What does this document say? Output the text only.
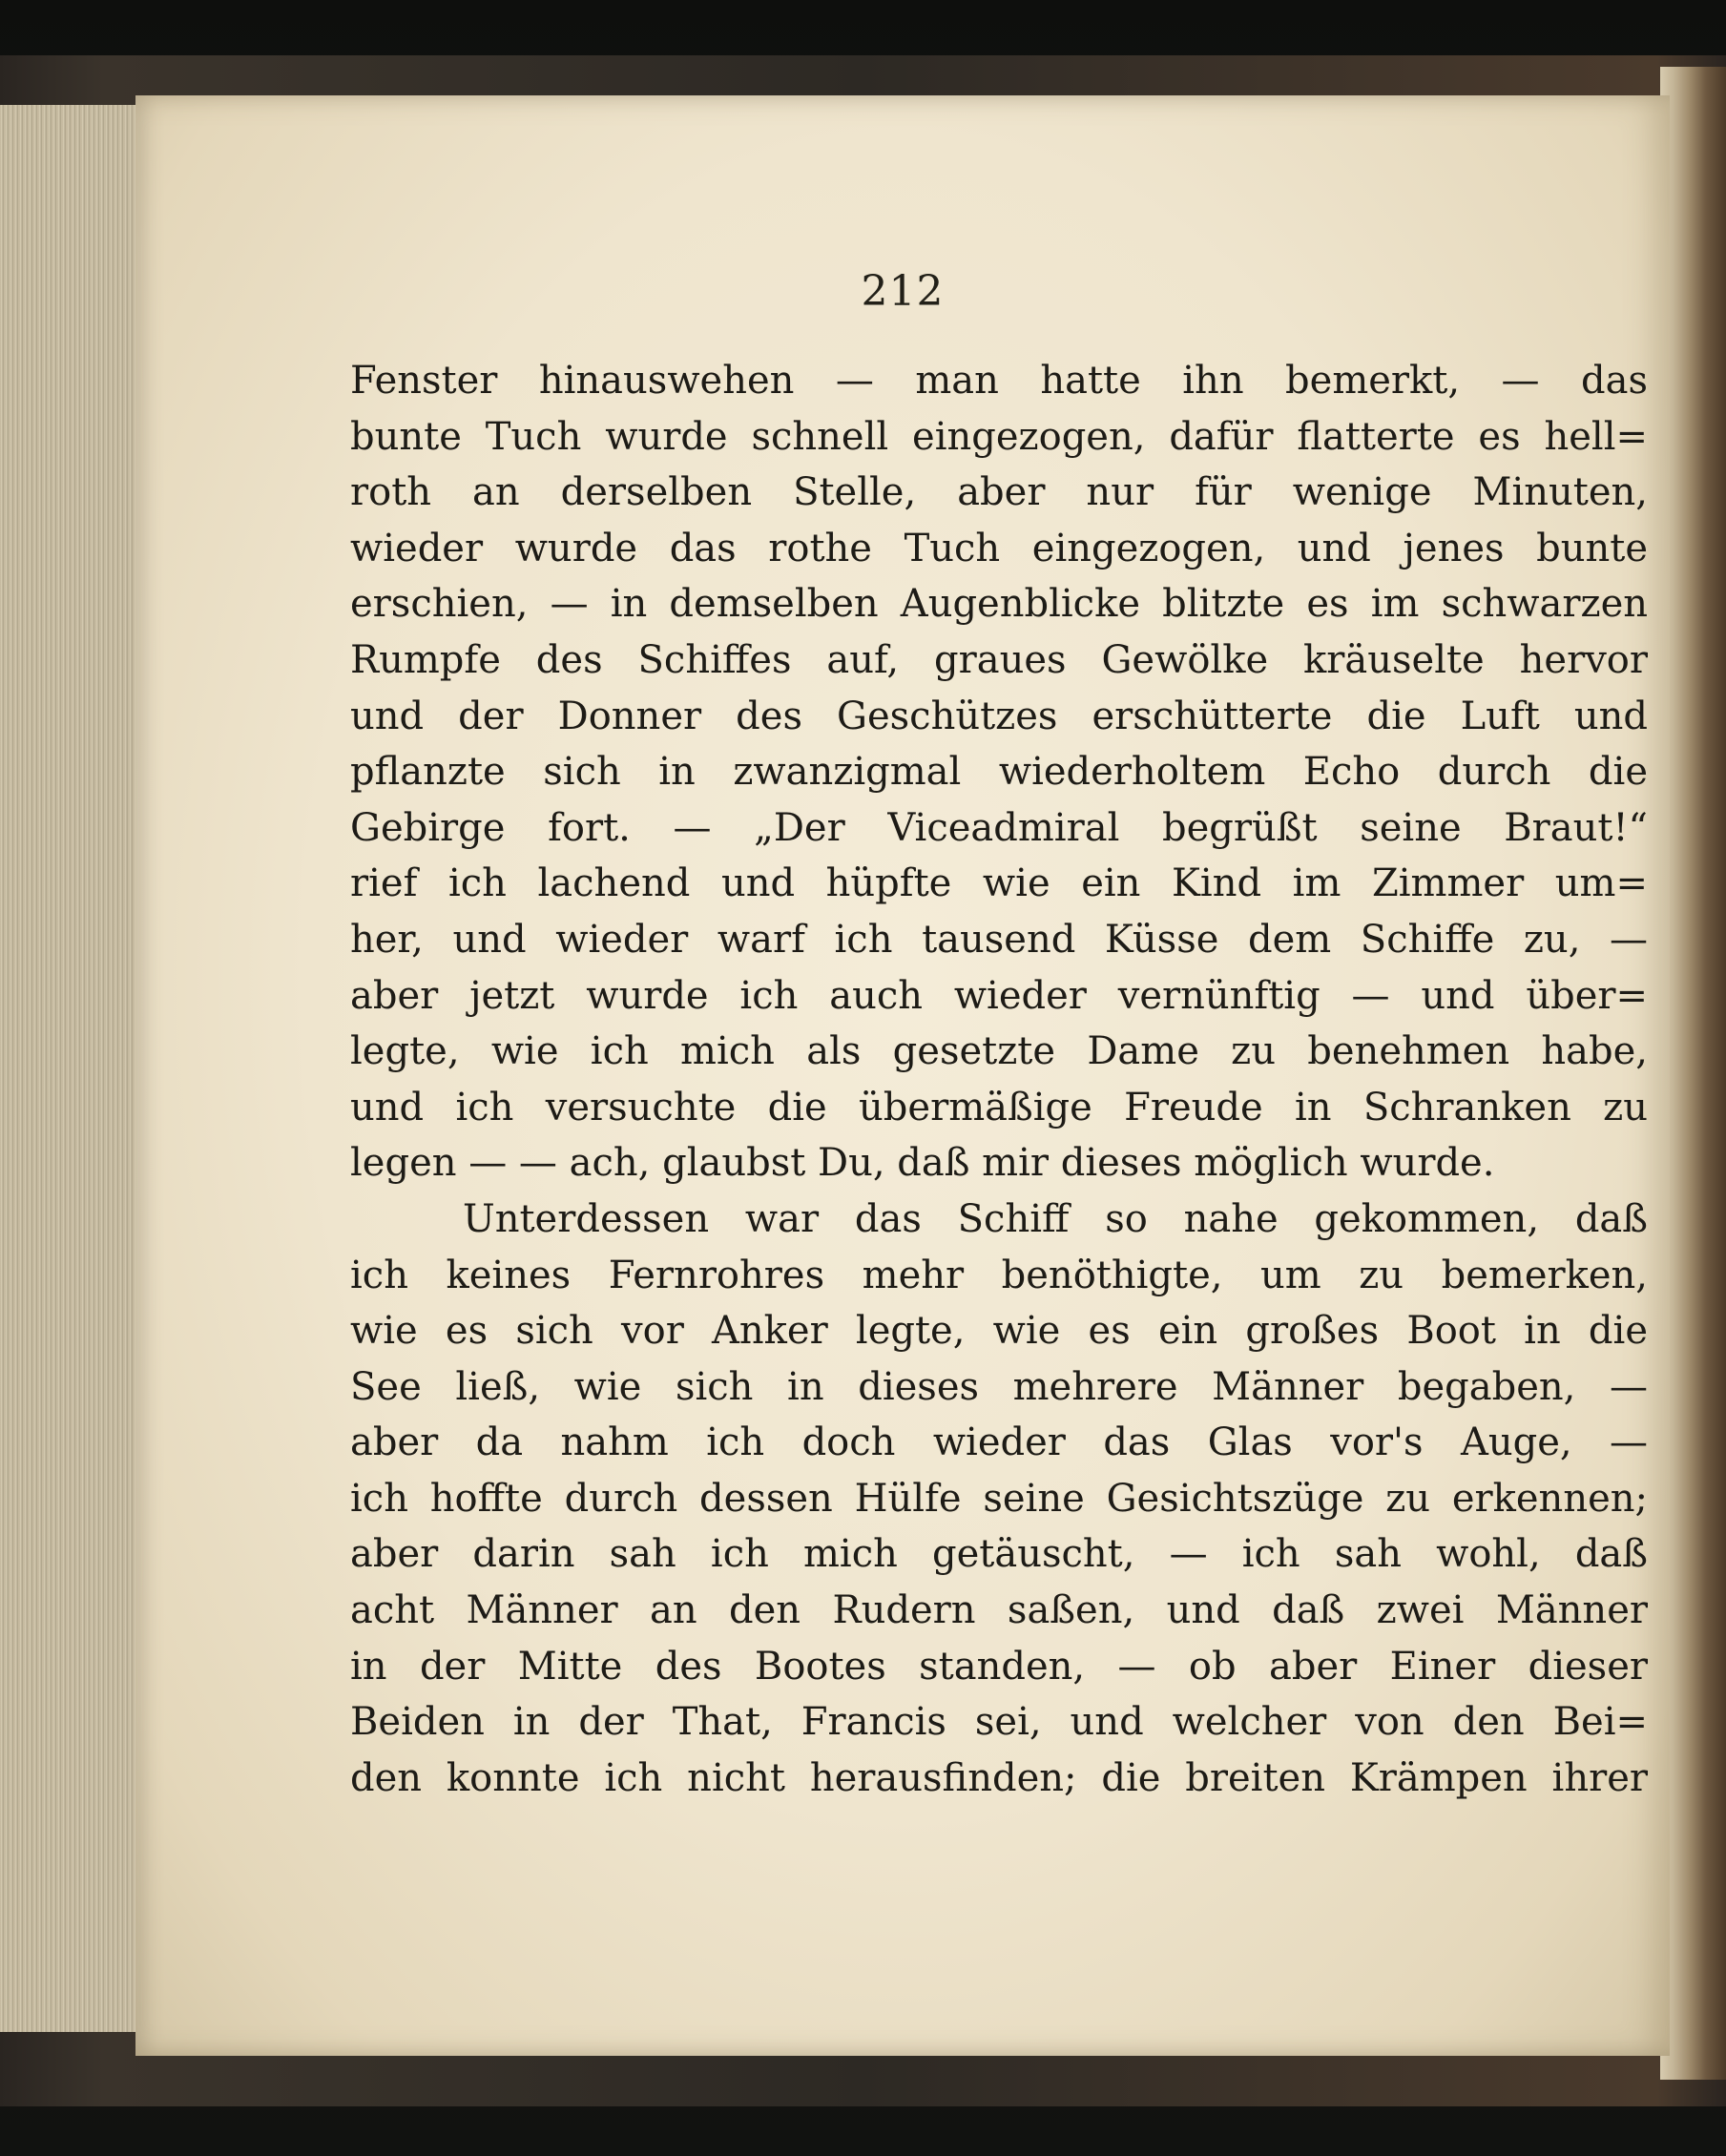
212
Fenster hinauswehen — man hatte ihn bemerkt, — das
bunte Tuch wurde schnell eingezogen, dafür flatterte es hell=
roth an derselben Stelle, aber nur für wenige Minuten,
wieder wurde das rothe Tuch eingezogen, und jenes bunte
erschien, — in demselben Augenblicke blitzte es im schwarzen
Rumpfe des Schiffes auf, graues Gewölke kräuselte hervor
und der Donner des Geschützes erschütterte die Luft und
pflanzte sich in zwanzigmal wiederholtem Echo durch die
Gebirge fort. — „Der Viceadmiral begrüßt seine Braut!“
rief ich lachend und hüpfte wie ein Kind im Zimmer um=
her, und wieder warf ich tausend Küsse dem Schiffe zu, —
aber jetzt wurde ich auch wieder vernünftig — und über=
legte, wie ich mich als gesetzte Dame zu benehmen habe,
und ich versuchte die übermäßige Freude in Schranken zu
legen — — ach, glaubst Du, daß mir dieses möglich wurde.
Unterdessen war das Schiff so nahe gekommen, daß
ich keines Fernrohres mehr benöthigte, um zu bemerken,
wie es sich vor Anker legte, wie es ein großes Boot in die
See ließ, wie sich in dieses mehrere Männer begaben, —
aber da nahm ich doch wieder das Glas vor's Auge, —
ich hoffte durch dessen Hülfe seine Gesichtszüge zu erkennen;
aber darin sah ich mich getäuscht, — ich sah wohl, daß
acht Männer an den Rudern saßen, und daß zwei Männer
in der Mitte des Bootes standen, — ob aber Einer dieser
Beiden in der That, Francis sei, und welcher von den Bei=
den konnte ich nicht herausfinden; die breiten Krämpen ihrer
